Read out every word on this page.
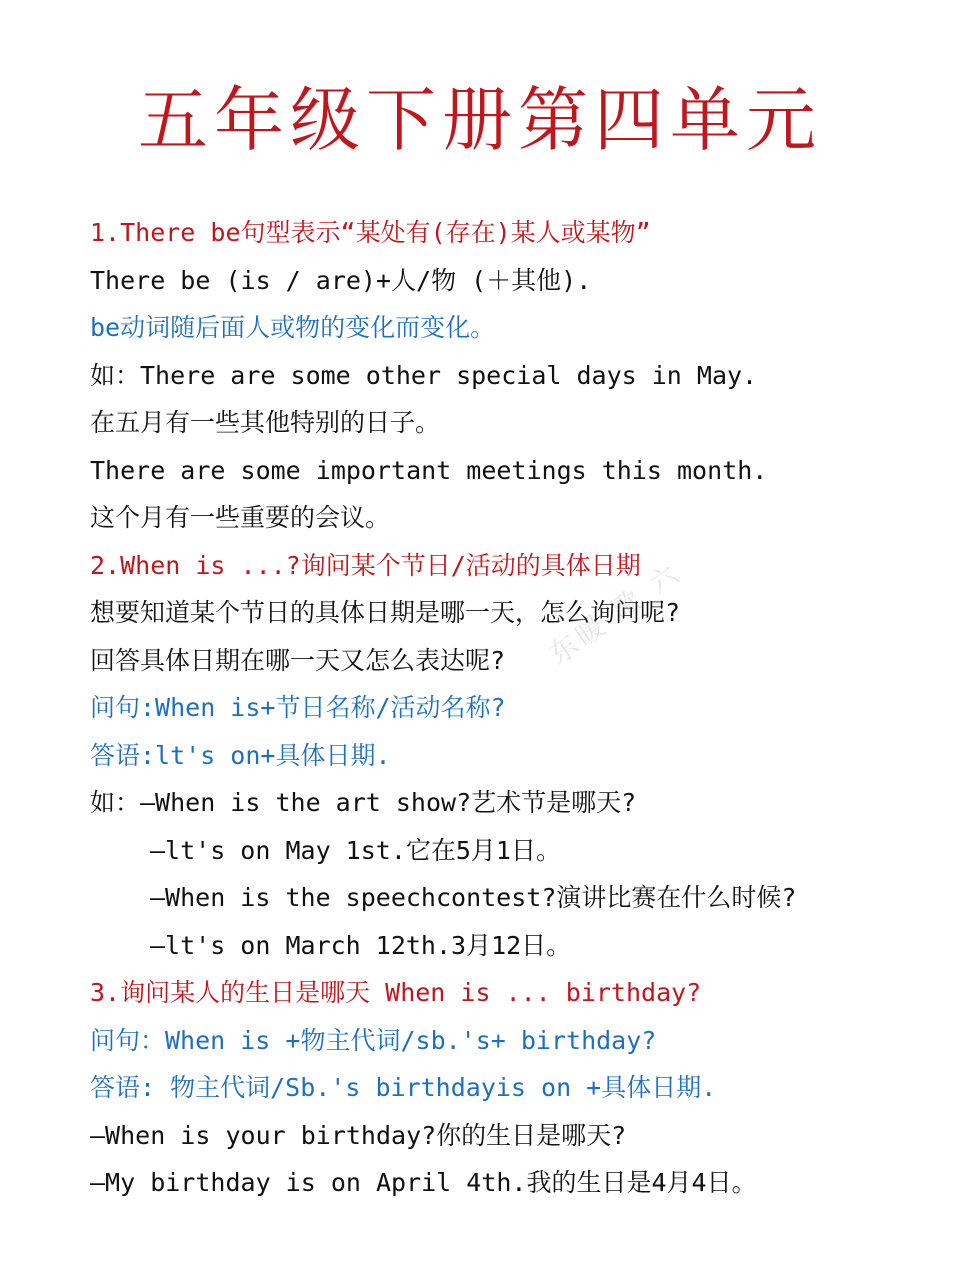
五年级下册第四单元
1.There be句型表示“某处有(存在)某人或某物”
There be (is / are)+人/物 (＋其他).
be动词随后面人或物的变化而变化。
如：There are some other special days in May.
在五月有一些其他特别的日子。
There are some important meetings this month.
这个月有一些重要的会议。
2.When is ...?询问某个节日/活动的具体日期
想要知道某个节日的具体日期是哪一天，怎么询问呢?
回答具体日期在哪一天又怎么表达呢?
问句:When is+节日名称/活动名称?
答语:lt's on+具体日期.
如：—When is the art show?艺术节是哪天?
—lt's on May 1st.它在5月1日。
—When is the speechcontest?演讲比赛在什么时候?
—lt's on March 12th.3月12日。
3.询问某人的生日是哪天 When is ... birthday?
问句：When is +物主代词/sb.'s+ birthday?
答语: 物主代词/Sb.'s birthdayis on +具体日期.
—When is your birthday?你的生日是哪天?
—My birthday is on April 4th.我的生日是4月4日。
东暖 歌 六
